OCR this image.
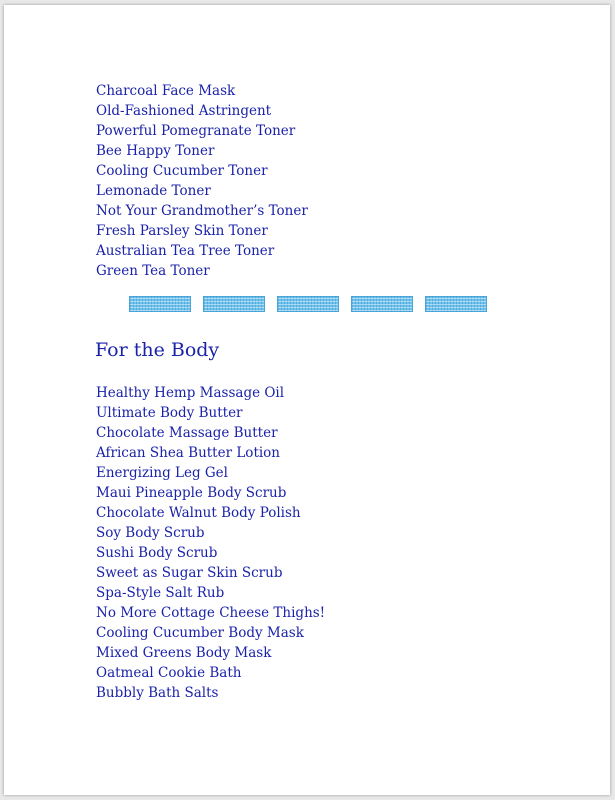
Charcoal Face Mask
Old-Fashioned Astringent
Powerful Pomegranate Toner
Bee Happy Toner
Cooling Cucumber Toner
Lemonade Toner
Not Your Grandmother’s Toner
Fresh Parsley Skin Toner
Australian Tea Tree Toner
Green Tea Toner
For the Body
Healthy Hemp Massage Oil
Ultimate Body Butter
Chocolate Massage Butter
African Shea Butter Lotion
Energizing Leg Gel
Maui Pineapple Body Scrub
Chocolate Walnut Body Polish
Soy Body Scrub
Sushi Body Scrub
Sweet as Sugar Skin Scrub
Spa-Style Salt Rub
No More Cottage Cheese Thighs!
Cooling Cucumber Body Mask
Mixed Greens Body Mask
Oatmeal Cookie Bath
Bubbly Bath Salts
